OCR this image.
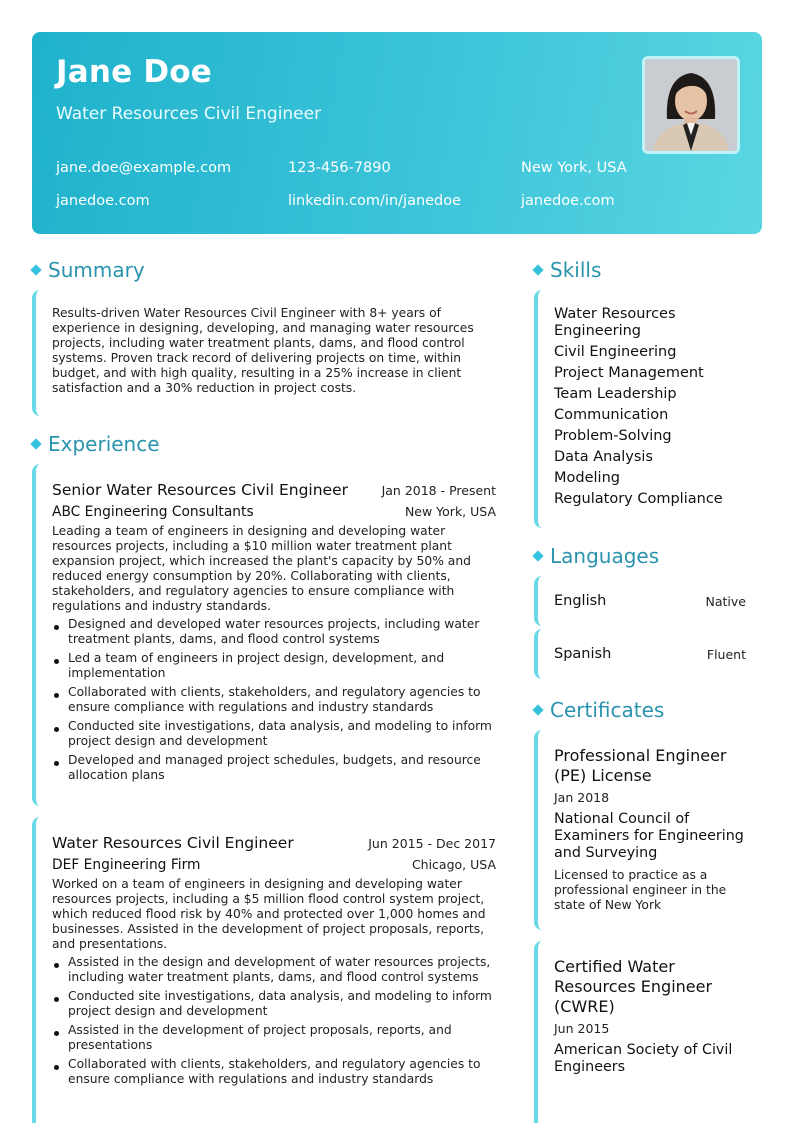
Jane Doe
Water Resources Civil Engineer
jane.doe@example.com	123-456-7890	New York, USA
janedoe.com	linkedin.com/in/janedoe	janedoe.com
Summary
Results-driven Water Resources Civil Engineer with 8+ years of experience in designing, developing, and managing water resources projects, including water treatment plants, dams, and flood control systems. Proven track record of delivering projects on time, within budget, and with high quality, resulting in a 25% increase in client satisfaction and a 30% reduction in project costs.
Experience
Senior Water Resources Civil Engineer	Jan 2018 - Present
ABC Engineering Consultants	New York, USA
Leading a team of engineers in designing and developing water resources projects, including a $10 million water treatment plant expansion project, which increased the plant's capacity by 50% and reduced energy consumption by 20%. Collaborating with clients, stakeholders, and regulatory agencies to ensure compliance with regulations and industry standards.
Designed and developed water resources projects, including water treatment plants, dams, and flood control systems
Led a team of engineers in project design, development, and implementation
Collaborated with clients, stakeholders, and regulatory agencies to ensure compliance with regulations and industry standards
Conducted site investigations, data analysis, and modeling to inform project design and development
Developed and managed project schedules, budgets, and resource allocation plans
Water Resources Civil Engineer	Jun 2015 - Dec 2017
DEF Engineering Firm	Chicago, USA
Worked on a team of engineers in designing and developing water resources projects, including a $5 million flood control system project, which reduced flood risk by 40% and protected over 1,000 homes and businesses. Assisted in the development of project proposals, reports, and presentations.
Assisted in the design and development of water resources projects, including water treatment plants, dams, and flood control systems
Conducted site investigations, data analysis, and modeling to inform project design and development
Assisted in the development of project proposals, reports, and presentations
Collaborated with clients, stakeholders, and regulatory agencies to ensure compliance with regulations and industry standards
Skills
Water Resources Engineering
Civil Engineering
Project Management
Team Leadership
Communication
Problem-Solving
Data Analysis
Modeling
Regulatory Compliance
Languages
English	Native
Spanish	Fluent
Certificates
Professional Engineer (PE) License
Jan 2018
National Council of Examiners for Engineering and Surveying
Licensed to practice as a professional engineer in the state of New York
Certified Water Resources Engineer (CWRE)
Jun 2015
American Society of Civil Engineers
